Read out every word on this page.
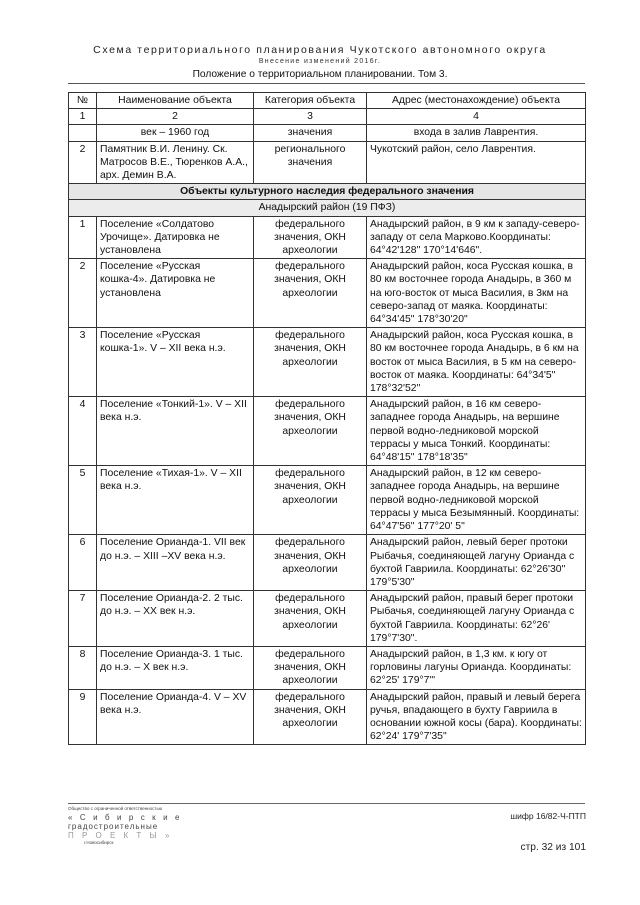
Схема территориального планирования Чукотского автономного округа
Внесение изменений 2016г.
Положение о территориальном планировании. Том 3.
№	Наименование объекта	Категория объекта	Адрес (местонахождение) объекта
1	2	3	4
	век – 1960 год	значения	входа в залив Лаврентия.
2	Памятник В.И. Ленину. Ск. Матросов В.Е., Тюренков А.А., арх. Демин В.А.	регионального значения	Чукотский район, село Лаврентия.
Объекты культурного наследия федерального значения			
Анадырский район (19 ПФЗ)			
1	Поселение «Солдатово Урочище». Датировка не установлена	федерального значения, ОКН археологии	Анадырский район, в 9 км к западу-северо-западу от села Марково.Координаты: 64°42'128" 170°14'646".
2	Поселение «Русская кошка-4». Датировка не установлена	федерального значения, ОКН археологии	Анадырский район, коса Русская кошка, в 80 км восточнее города Анадырь, в 360 м на юго-восток от мыса Василия, в 3км на северо-запад от маяка. Координаты: 64°34'45" 178°30'20"
3	Поселение «Русская кошка-1». V – XII века н.э.	федерального значения, ОКН археологии	Анадырский район, коса Русская кошка, в 80 км восточнее города Анадырь, в 6 км на восток от мыса Василия, в 5 км на северо-восток от маяка. Координаты: 64°34'5" 178°32'52"
4	Поселение «Тонкий-1». V – XII века н.э.	федерального значения, ОКН археологии	Анадырский район, в 16 км северо-западнее города Анадырь, на вершине первой водно-ледниковой морской террасы у мыса Тонкий. Координаты: 64°48'15" 178°18'35"
5	Поселение «Тихая-1». V – XII века н.э.	федерального значения, ОКН археологии	Анадырский район, в 12 км северо-западнее города Анадырь, на вершине первой водно-ледниковой морской террасы у мыса Безымянный. Координаты: 64°47'56" 177°20' 5"
6	Поселение Орианда-1. VII век до н.э. – XIII –XV века н.э.	федерального значения, ОКН археологии	Анадырский район, левый берег протоки Рыбачья, соединяющей лагуну Орианда с бухтой Гавриила. Координаты: 62°26'30" 179°5'30"
7	Поселение Орианда-2. 2 тыс. до н.э. – XX век н.э.	федерального значения, ОКН археологии	Анадырский район, правый берег протоки Рыбачья, соединяющей лагуну Орианда с бухтой Гавриила. Координаты: 62°26' 179°7'30".
8	Поселение Орианда-3. 1 тыс. до н.э. – X век н.э.	федерального значения, ОКН археологии	Анадырский район, в 1,3 км. к югу от горловины лагуны Орианда. Координаты: 62°25' 179°7'"
9	Поселение Орианда-4. V – XV века н.э.	федерального значения, ОКН археологии	Анадырский район, правый и левый берега ручья, впадающего в бухту Гавриила в основании южной косы (бара). Координаты: 62°24' 179°7'35"
Общество с ограниченной ответственностью
« С и б и р с к и е
градостроительные
П Р О Е К Т Ы »
г.Новосибирск
шифр 16/82-Ч-ПТП
стр. 32 из 101
